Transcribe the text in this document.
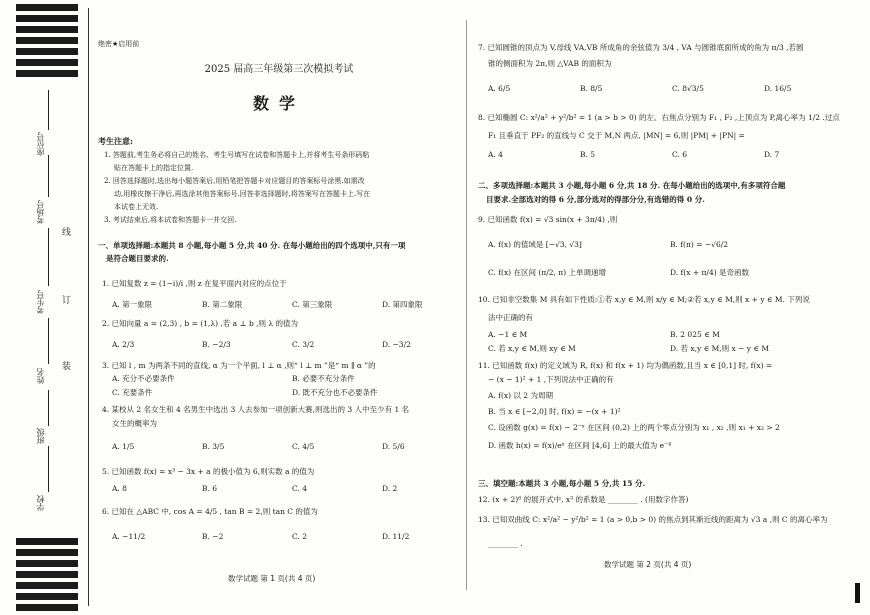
座位号
考场号
考生号
姓名
班级
学校
线
订
装
绝密★启用前
2025 届高三年级第三次模拟考试
数学
考生注意:
1. 答题前,考生务必将自己的姓名、考生号填写在试卷和答题卡上,并将考生号条形码粘
贴在答题卡上的指定位置.
2. 回答选择题时,选出每小题答案后,用铅笔把答题卡对应题目的答案标号涂黑.如需改
动,用橡皮擦干净后,再选涂其他答案标号.回答非选择题时,将答案写在答题卡上.写在
本试卷上无效.
3. 考试结束后,将本试卷和答题卡一并交回.
一、单项选择题:本题共 8 小题,每小题 5 分,共 40 分. 在每小题给出的四个选项中,只有一项
是符合题目要求的.
1. 已知复数 z = (1−i)/i ,则 z 在复平面内对应的点位于
A. 第一象限	B. 第二象限	C. 第三象限	D. 第四象限
2. 已知向量 a = (2,3) , b = (1,λ) ,若 a ⊥ b ,则 λ 的值为
A. 2/3	B. −2/3	C. 3/2	D. −3/2
3. 已知 l , m 为两条不同的直线, α 为一个平面, l ⊥ α ,则“ l ⊥ m ”是“ m ∥ α ”的
A. 充分不必要条件	B. 必要不充分条件
C. 充要条件	D. 既不充分也不必要条件
4. 某校从 2 名女生和 4 名男生中选出 3 人去参加一项创新大赛,则选出的 3 人中至少有 1 名
女生的概率为
A. 1/5	B. 3/5	C. 4/5	D. 5/6
5. 已知函数 f(x) = x³ − 3x + a 的极小值为 6,则实数 a 的值为
A. 8	B. 6	C. 4	D. 2
6. 已知在 △ABC 中, cos A = 4/5 , tan B = 2,则 tan C 的值为
A. −11/2	B. −2	C. 2	D. 11/2
数学试题 第 1 页(共 4 页)
7. 已知圆锥的顶点为 V,母线 VA,VB 所成角的余弦值为 3/4 , VA 与圆锥底面所成的角为 π/3 ,若圆
锥的侧面积为 2π,则 △VAB 的面积为
A. 6/5	B. 8/5	C. 8√3/5	D. 16/5
8. 已知椭圆 C: x²/a² + y²/b² = 1 (a > b > 0) 的左、右焦点分别为 F₁ , F₂ ,上顶点为 P,离心率为 1/2 .过点
F₁ 且垂直于 PF₂ 的直线与 C 交于 M,N 两点, |MN| = 6,则 |PM| + |PN| =
A. 4	B. 5	C. 6	D. 7
二、多项选择题:本题共 3 小题,每小题 6 分,共 18 分. 在每小题给出的选项中,有多项符合题
目要求.全部选对的得 6 分,部分选对的得部分分,有选错的得 0 分.
9. 已知函数 f(x) = √3 sin(x + 3π/4) ,则
A. f(x) 的值域是 [−√3, √3]	B. f(π) = −√6/2
C. f(x) 在区间 (π/2, π) 上单调递增	D. f(x + π/4) 是奇函数
10. 已知非空数集 M 具有如下性质:①若 x,y ∈ M,则 x/y ∈ M;②若 x,y ∈ M,则 x + y ∈ M. 下列说
法中正确的有
A. −1 ∈ M	B. 2 025 ∈ M
C. 若 x,y ∈ M,则 xy ∈ M	D. 若 x,y ∈ M,则 x − y ∈ M
11. 已知函数 f(x) 的定义域为 R, f(x) 和 f(x + 1) 均为偶函数,且当 x ∈ [0,1] 时, f(x) =
− (x − 1)² + 1 ,下列说法中正确的有
A. f(x) 以 2 为周期
B. 当 x ∈ [−2,0] 时, f(x) = −(x + 1)²
C. 设函数 g(x) = f(x) − 2⁻ˣ 在区间 (0,2) 上的两个零点分别为 x₁ , x₂ ,则 x₁ + x₂ > 2
D. 函数 h(x) = f(x)/eˣ 在区间 [4,6] 上的最大值为 e⁻⁴
三、填空题:本题共 3 小题,每小题 5 分,共 15 分.
12. (x + 2)⁶ 的展开式中, x³ 的系数是 ________ . (用数字作答)
13. 已知双曲线 C: x²/a² − y²/b² = 1 (a > 0,b > 0) 的焦点到其渐近线的距离为 √3 a ,则 C 的离心率为
________ .
数学试题 第 2 页(共 4 页)
